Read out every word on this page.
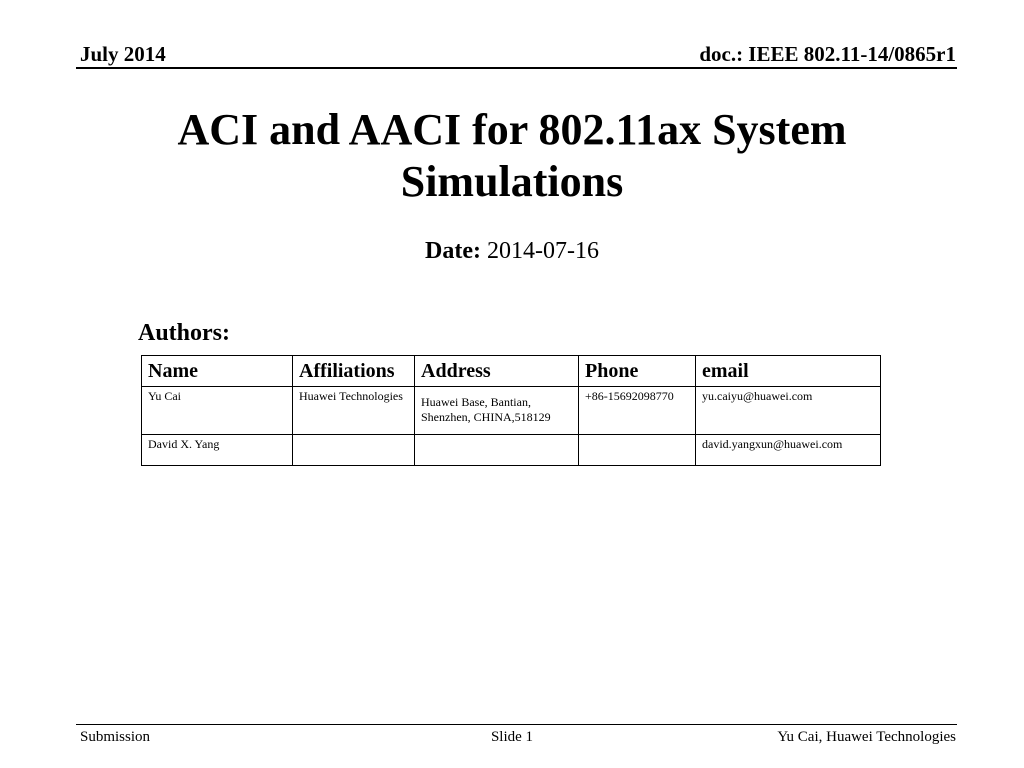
July 2014	doc.: IEEE 802.11-14/0865r1
ACI and AACI for 802.11ax System Simulations
Date: 2014-07-16
Authors:
Name	Affiliations	Address	Phone	email
Yu Cai	Huawei Technologies	Huawei Base, Bantian, Shenzhen, CHINA,518129	+86-15692098770	yu.caiyu@huawei.com
David X. Yang				david.yangxun@huawei.com
Submission	Slide 1	Yu Cai, Huawei Technologies
